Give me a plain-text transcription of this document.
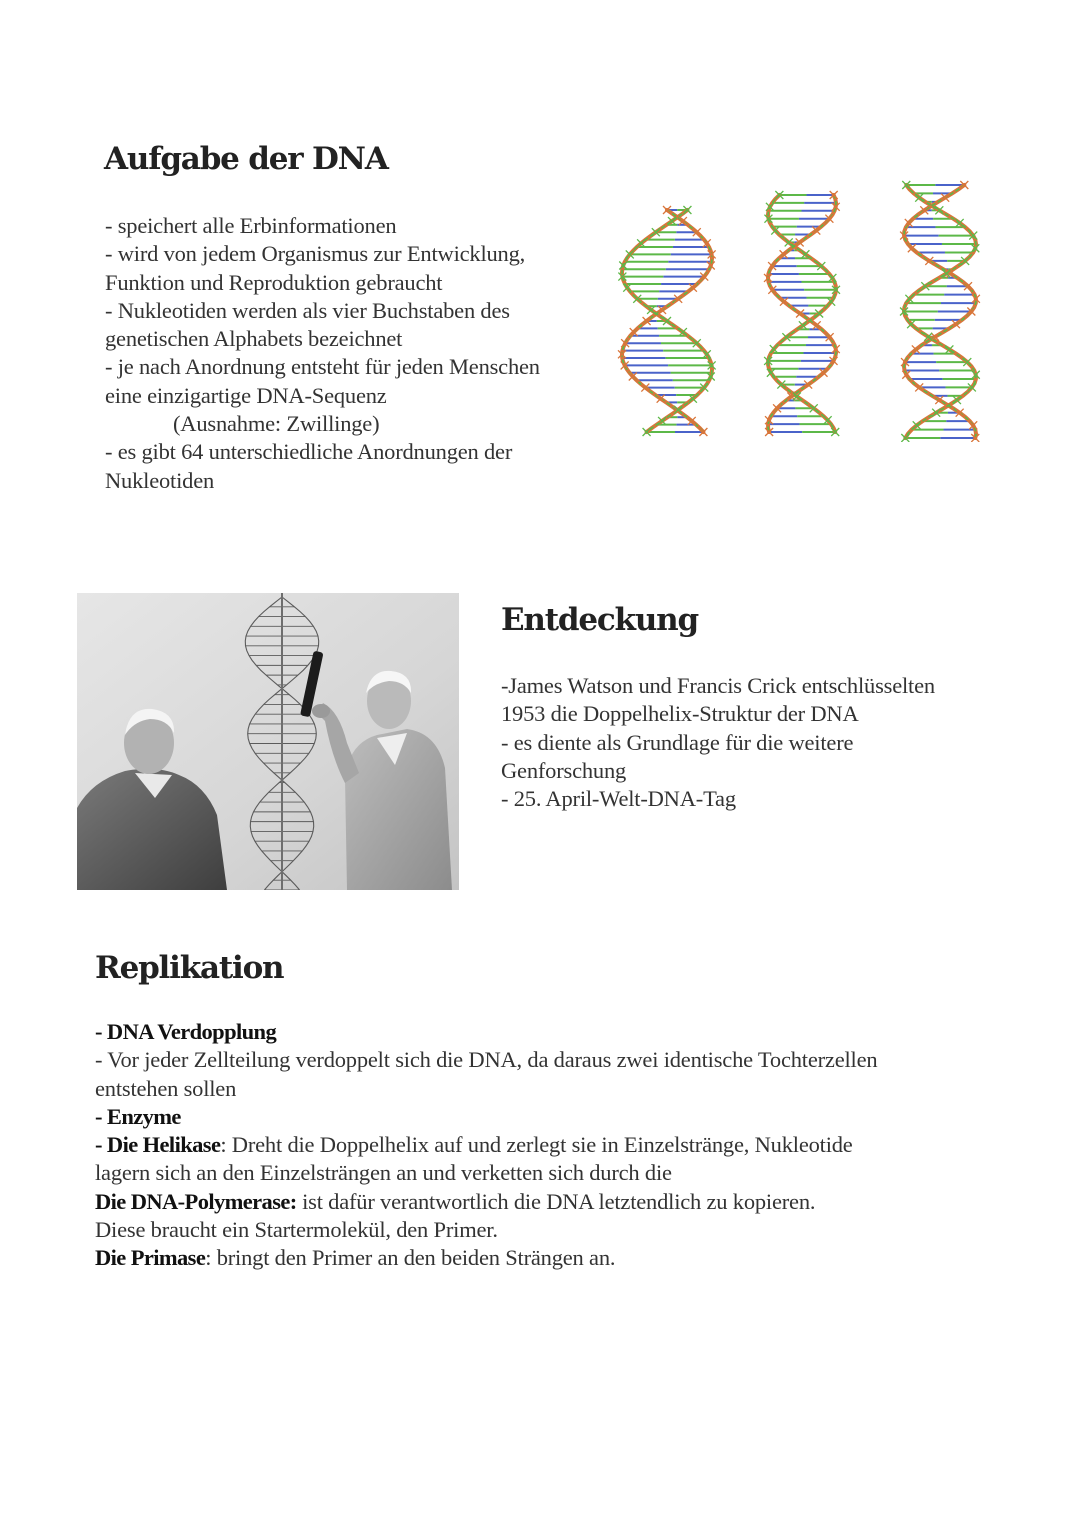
Aufgabe der DNA

- speichert alle Erbinformationen

- wird von jedem Organismus zur Entwicklung,

Funktion und Reproduktion gebraucht

- Nukleotiden werden als vier Buchstaben des

genetischen Alphabets bezeichnet

- je nach Anordnung entsteht für jeden Menschen

eine einzigartige DNA-Sequenz

(Ausnahme: Zwillinge)

- es gibt 64 unterschiedliche Anordnungen der

Nukleotiden

Entdeckung

-James Watson und Francis Crick entschlüsselten

1953 die Doppelhelix-Struktur der DNA

- es diente als Grundlage für die weitere

Genforschung

- 25. April-Welt-DNA-Tag

Replikation

- DNA Verdopplung

- Vor jeder Zellteilung verdoppelt sich die DNA, da daraus zwei identische Tochterzellen

entstehen sollen

- Enzyme

- Die Helikase: Dreht die Doppelhelix auf und zerlegt sie in Einzelstränge, Nukleotide

lagern sich an den Einzelsträngen an und verketten sich durch die

Die DNA-Polymerase: ist dafür verantwortlich die DNA letztendlich zu kopieren.

Diese braucht ein Startermolekül, den Primer.

Die Primase: bringt den Primer an den beiden Strängen an.
